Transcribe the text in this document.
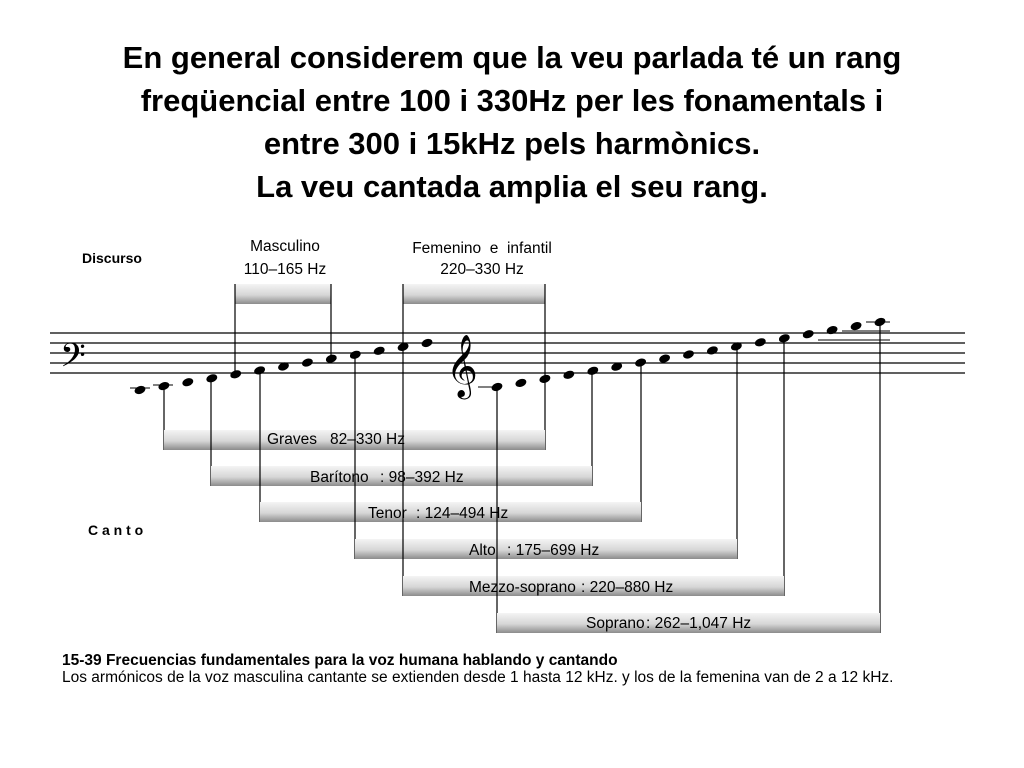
En general considerem que la veu parlada té un rang
freqüencial entre 100 i 330Hz per les fonamentals i
entre 300 i 15kHz pels harmònics.
La veu cantada amplia el seu rang.
Discurso
C a n t o
Masculino
110–165 Hz
Femenino  e  infantil
220–330 Hz
𝄢	𝄞
Graves 82–330 Hz
Barítono : 98–392 Hz
Tenor : 124–494 Hz
Alto : 175–699 Hz
Mezzo-soprano : 220–880 Hz
Soprano : 262–1,047 Hz
15-39 Frecuencias fundamentales para la voz humana hablando y cantando
Los armónicos de la voz masculina cantante se extienden desde 1 hasta 12 kHz. y los de la femenina van de 2 a 12 kHz.
